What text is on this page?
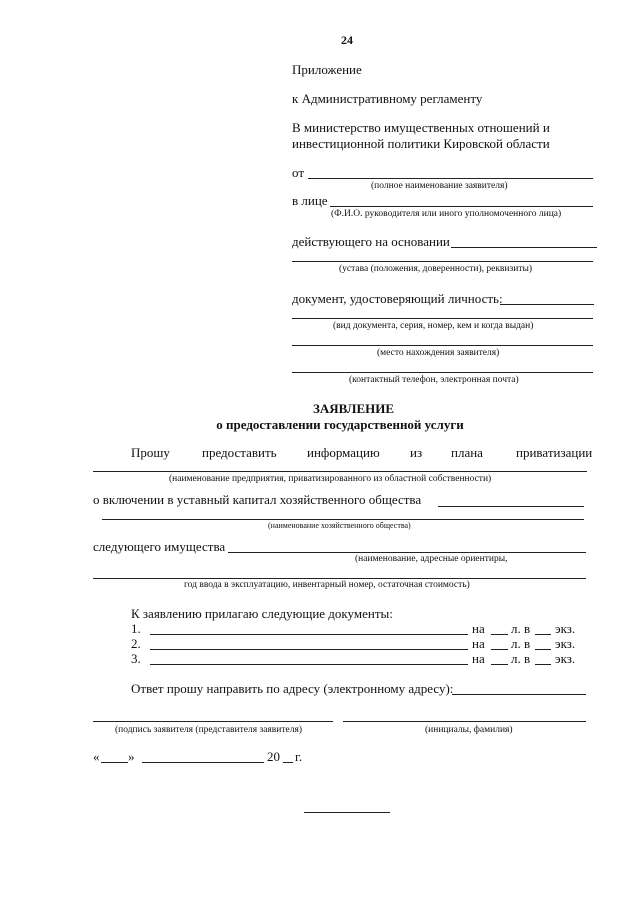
24
Приложение
к Административному регламенту
В министерство имущественных отношений и
инвестиционной политики Кировской области
от
(полное наименование заявителя)
в лице
(Ф.И.О. руководителя или иного уполномоченного лица)
действующего на основании
(устава (положения, доверенности), реквизиты)
документ, удостоверяющий личность:
(вид документа, серия, номер, кем и когда выдан)
(место нахождения заявителя)
(контактный телефон, электронная почта)
ЗАЯВЛЕНИЕ
о предоставлении государственной услуги
Прошу предоставить информацию из плана	приватизации
(наименование предприятия, приватизированного из областной собственности)
о включении в уставный капитал хозяйственного общества
(наименование хозяйственного общества)
следующего имущества
(наименование, адресные ориентиры,
год ввода в эксплуатацию, инвентарный номер, остаточная стоимость)
К заявлению прилагаю следующие документы:
1.	на л. в экз.
2.	на л. в экз.
3.	на л. в экз.
Ответ прошу направить по адресу (электронному адресу):
(подпись заявителя (представителя заявителя)	(инициалы, фамилия)
« »	20 г.
